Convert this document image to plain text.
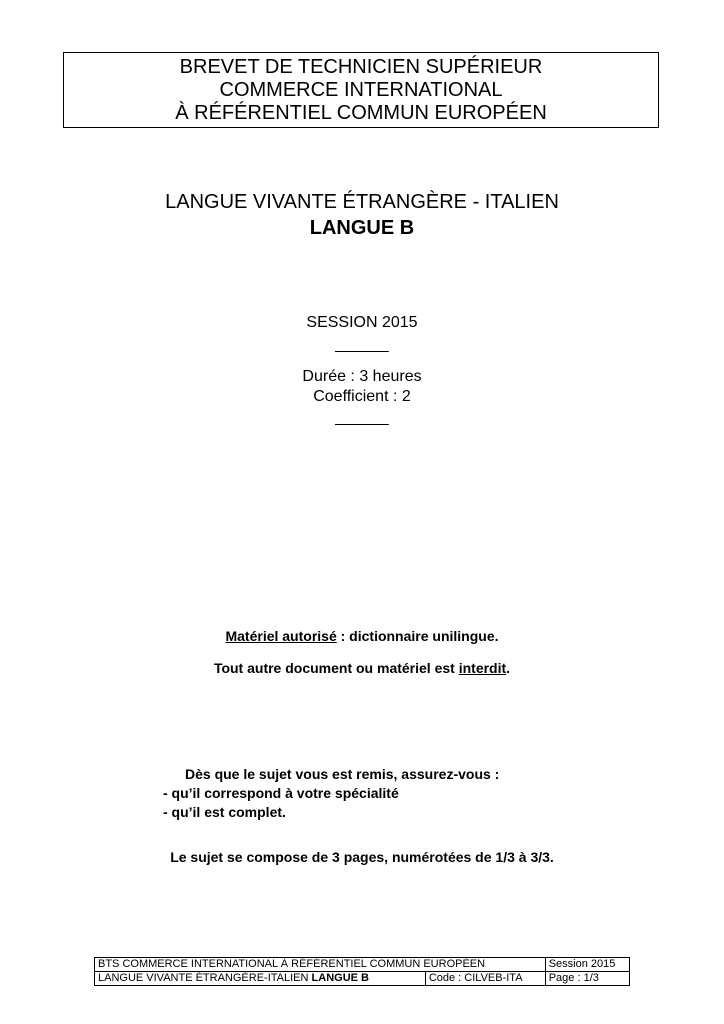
BREVET DE TECHNICIEN SUPÉRIEUR
COMMERCE INTERNATIONAL
À RÉFÉRENTIEL COMMUN EUROPÉEN
LANGUE VIVANTE ÉTRANGÈRE - ITALIEN
LANGUE B
SESSION 2015
______
Durée : 3 heures
Coefficient : 2
______
Matériel autorisé : dictionnaire unilingue.
Tout autre document ou matériel est interdit.
Dès que le sujet vous est remis, assurez-vous :
- qu’il correspond à votre spécialité
- qu’il est complet.
Le sujet se compose de 3 pages, numérotées de 1/3 à 3/3.
BTS COMMERCE INTERNATIONAL À RÉFÉRENTIEL COMMUN EUROPÉEN		Session 2015
LANGUE VIVANTE ÉTRANGÈRE-ITALIEN LANGUE B	Code : CILVEB-ITA	Page : 1/3
